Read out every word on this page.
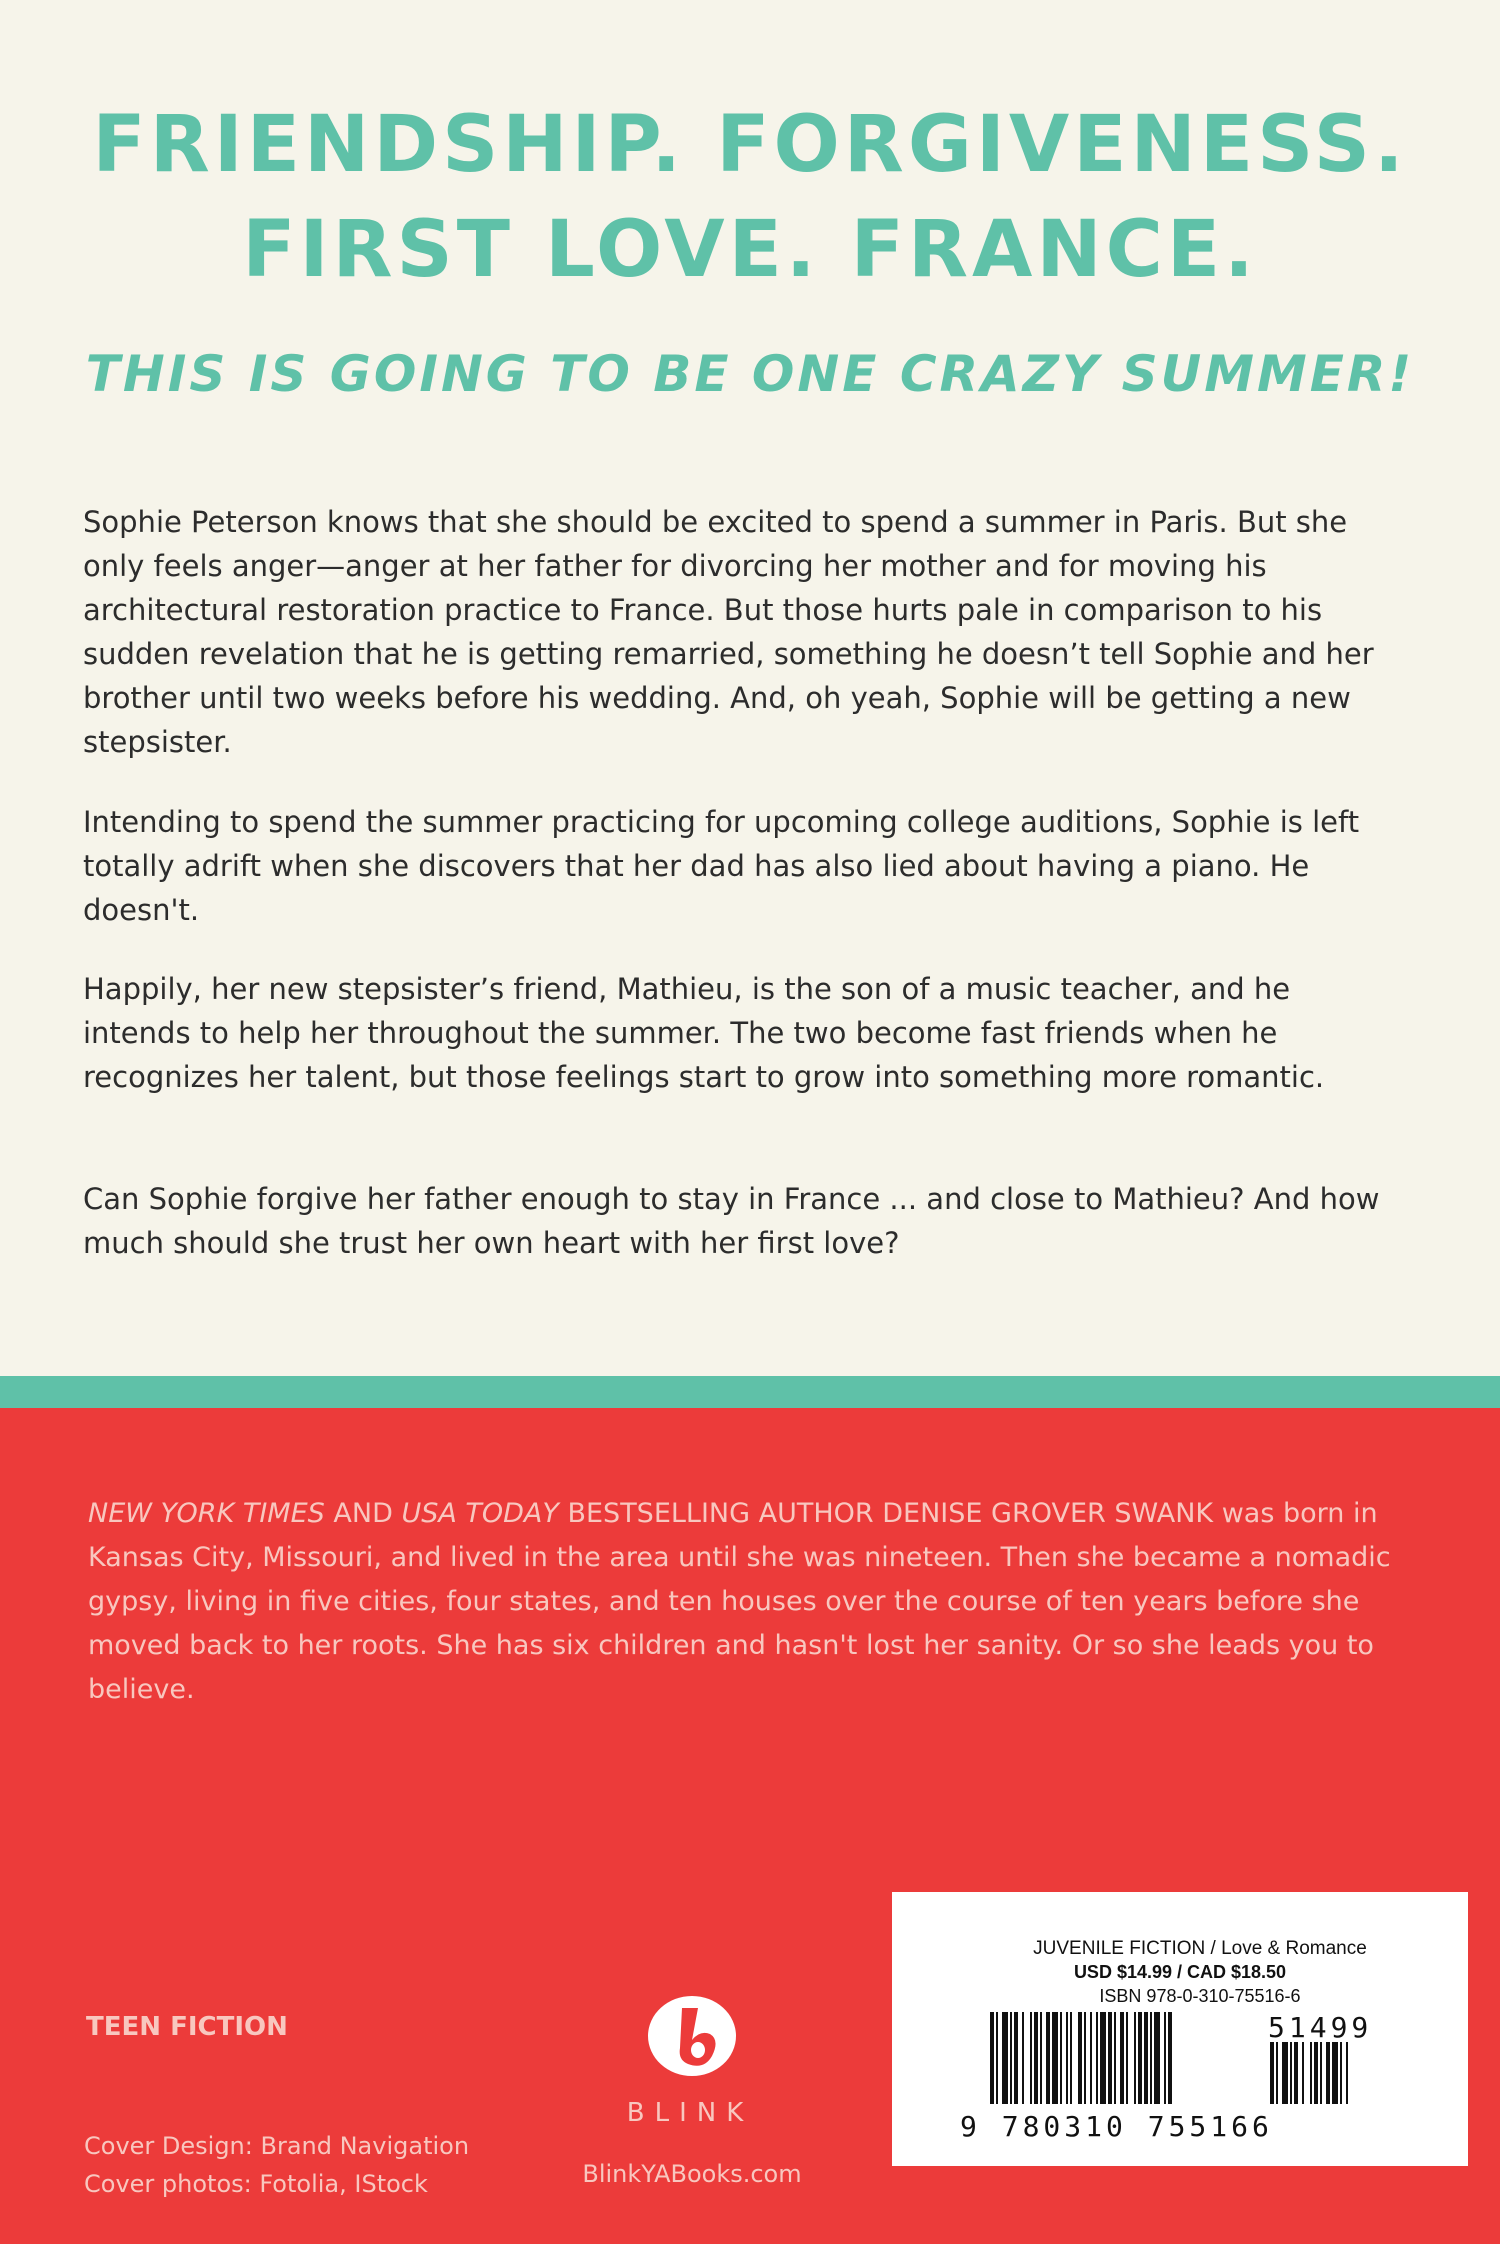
FRIENDSHIP. FORGIVENESS.
FIRST LOVE. FRANCE.
THIS IS GOING TO BE ONE CRAZY SUMMER!
Sophie Peterson knows that she should be excited to spend a summer in Paris. But she only feels anger—anger at her father for divorcing her mother and for moving his architectural restoration practice to France. But those hurts pale in comparison to his sudden revelation that he is getting remarried, something he doesn’t tell Sophie and her brother until two weeks before his wedding. And, oh yeah, Sophie will be getting a new stepsister.
Intending to spend the summer practicing for upcoming college auditions, Sophie is left totally adrift when she discovers that her dad has also lied about having a piano. He doesn't.
Happily, her new stepsister’s friend, Mathieu, is the son of a music teacher, and he intends to help her throughout the summer. The two become fast friends when he recognizes her talent, but those feelings start to grow into something more romantic.
Can Sophie forgive her father enough to stay in France ... and close to Mathieu? And how much should she trust her own heart with her first love?
NEW YORK TIMES AND USA TODAY BESTSELLING AUTHOR DENISE GROVER SWANK was born in Kansas City, Missouri, and lived in the area until she was nineteen. Then she became a nomadic gypsy, living in five cities, four states, and ten houses over the course of ten years before she moved back to her roots. She has six children and hasn't lost her sanity. Or so she leads you to believe.
TEEN FICTION
Cover Design: Brand Navigation
Cover photos: Fotolia, IStock
BLINK
BlinkYABooks.com
JUVENILE FICTION / Love & Romance
USD $14.99 / CAD $18.50
ISBN 978-0-310-75516-6
51499
9 780310 755166
